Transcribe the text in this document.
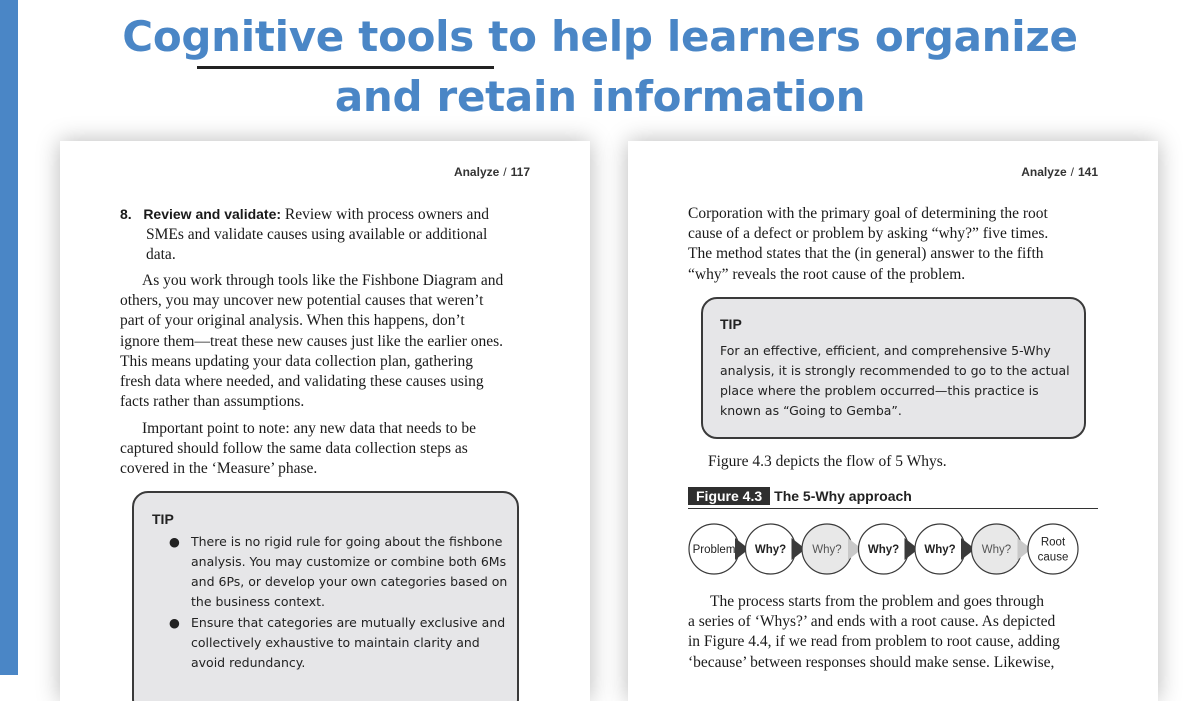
Cognitive tools to help learners organize
and retain information
Analyze / 117

8. Review and validate: Review with process owners and

SMEs and validate causes using available or additional

data.

As you work through tools like the Fishbone Diagram and

others, you may uncover new potential causes that weren’t

part of your original analysis. When this happens, don’t

ignore them—treat these new causes just like the earlier ones.

This means updating your data collection plan, gathering

fresh data where needed, and validating these causes using

facts rather than assumptions.

Important point to note: any new data that needs to be

captured should follow the same data collection steps as

covered in the ‘Measure’ phase.

TIP
● There is no rigid rule for going about the fishbone
analysis. You may customize or combine both 6Ms
and 6Ps, or develop your own categories based on
the business context.
● Ensure that categories are mutually exclusive and
collectively exhaustive to maintain clarity and
avoid redundancy.
Analyze / 141

Corporation with the primary goal of determining the root

cause of a defect or problem by asking “why?” five times.

The method states that the (in general) answer to the fifth

“why” reveals the root cause of the problem.

TIP
For an effective, efficient, and comprehensive 5-Why
analysis, it is strongly recommended to go to the actual
place where the problem occurred—this practice is
known as “Going to Gemba”.

Figure 4.3 depicts the flow of 5 Whys.

Figure 4.3 The 5-Why approach
Problem Why? Why? Why? Why? Why?
Root
cause

The process starts from the problem and goes through

a series of ‘Whys?’ and ends with a root cause. As depicted

in Figure 4.4, if we read from problem to root cause, adding

‘because’ between responses should make sense. Likewise,
